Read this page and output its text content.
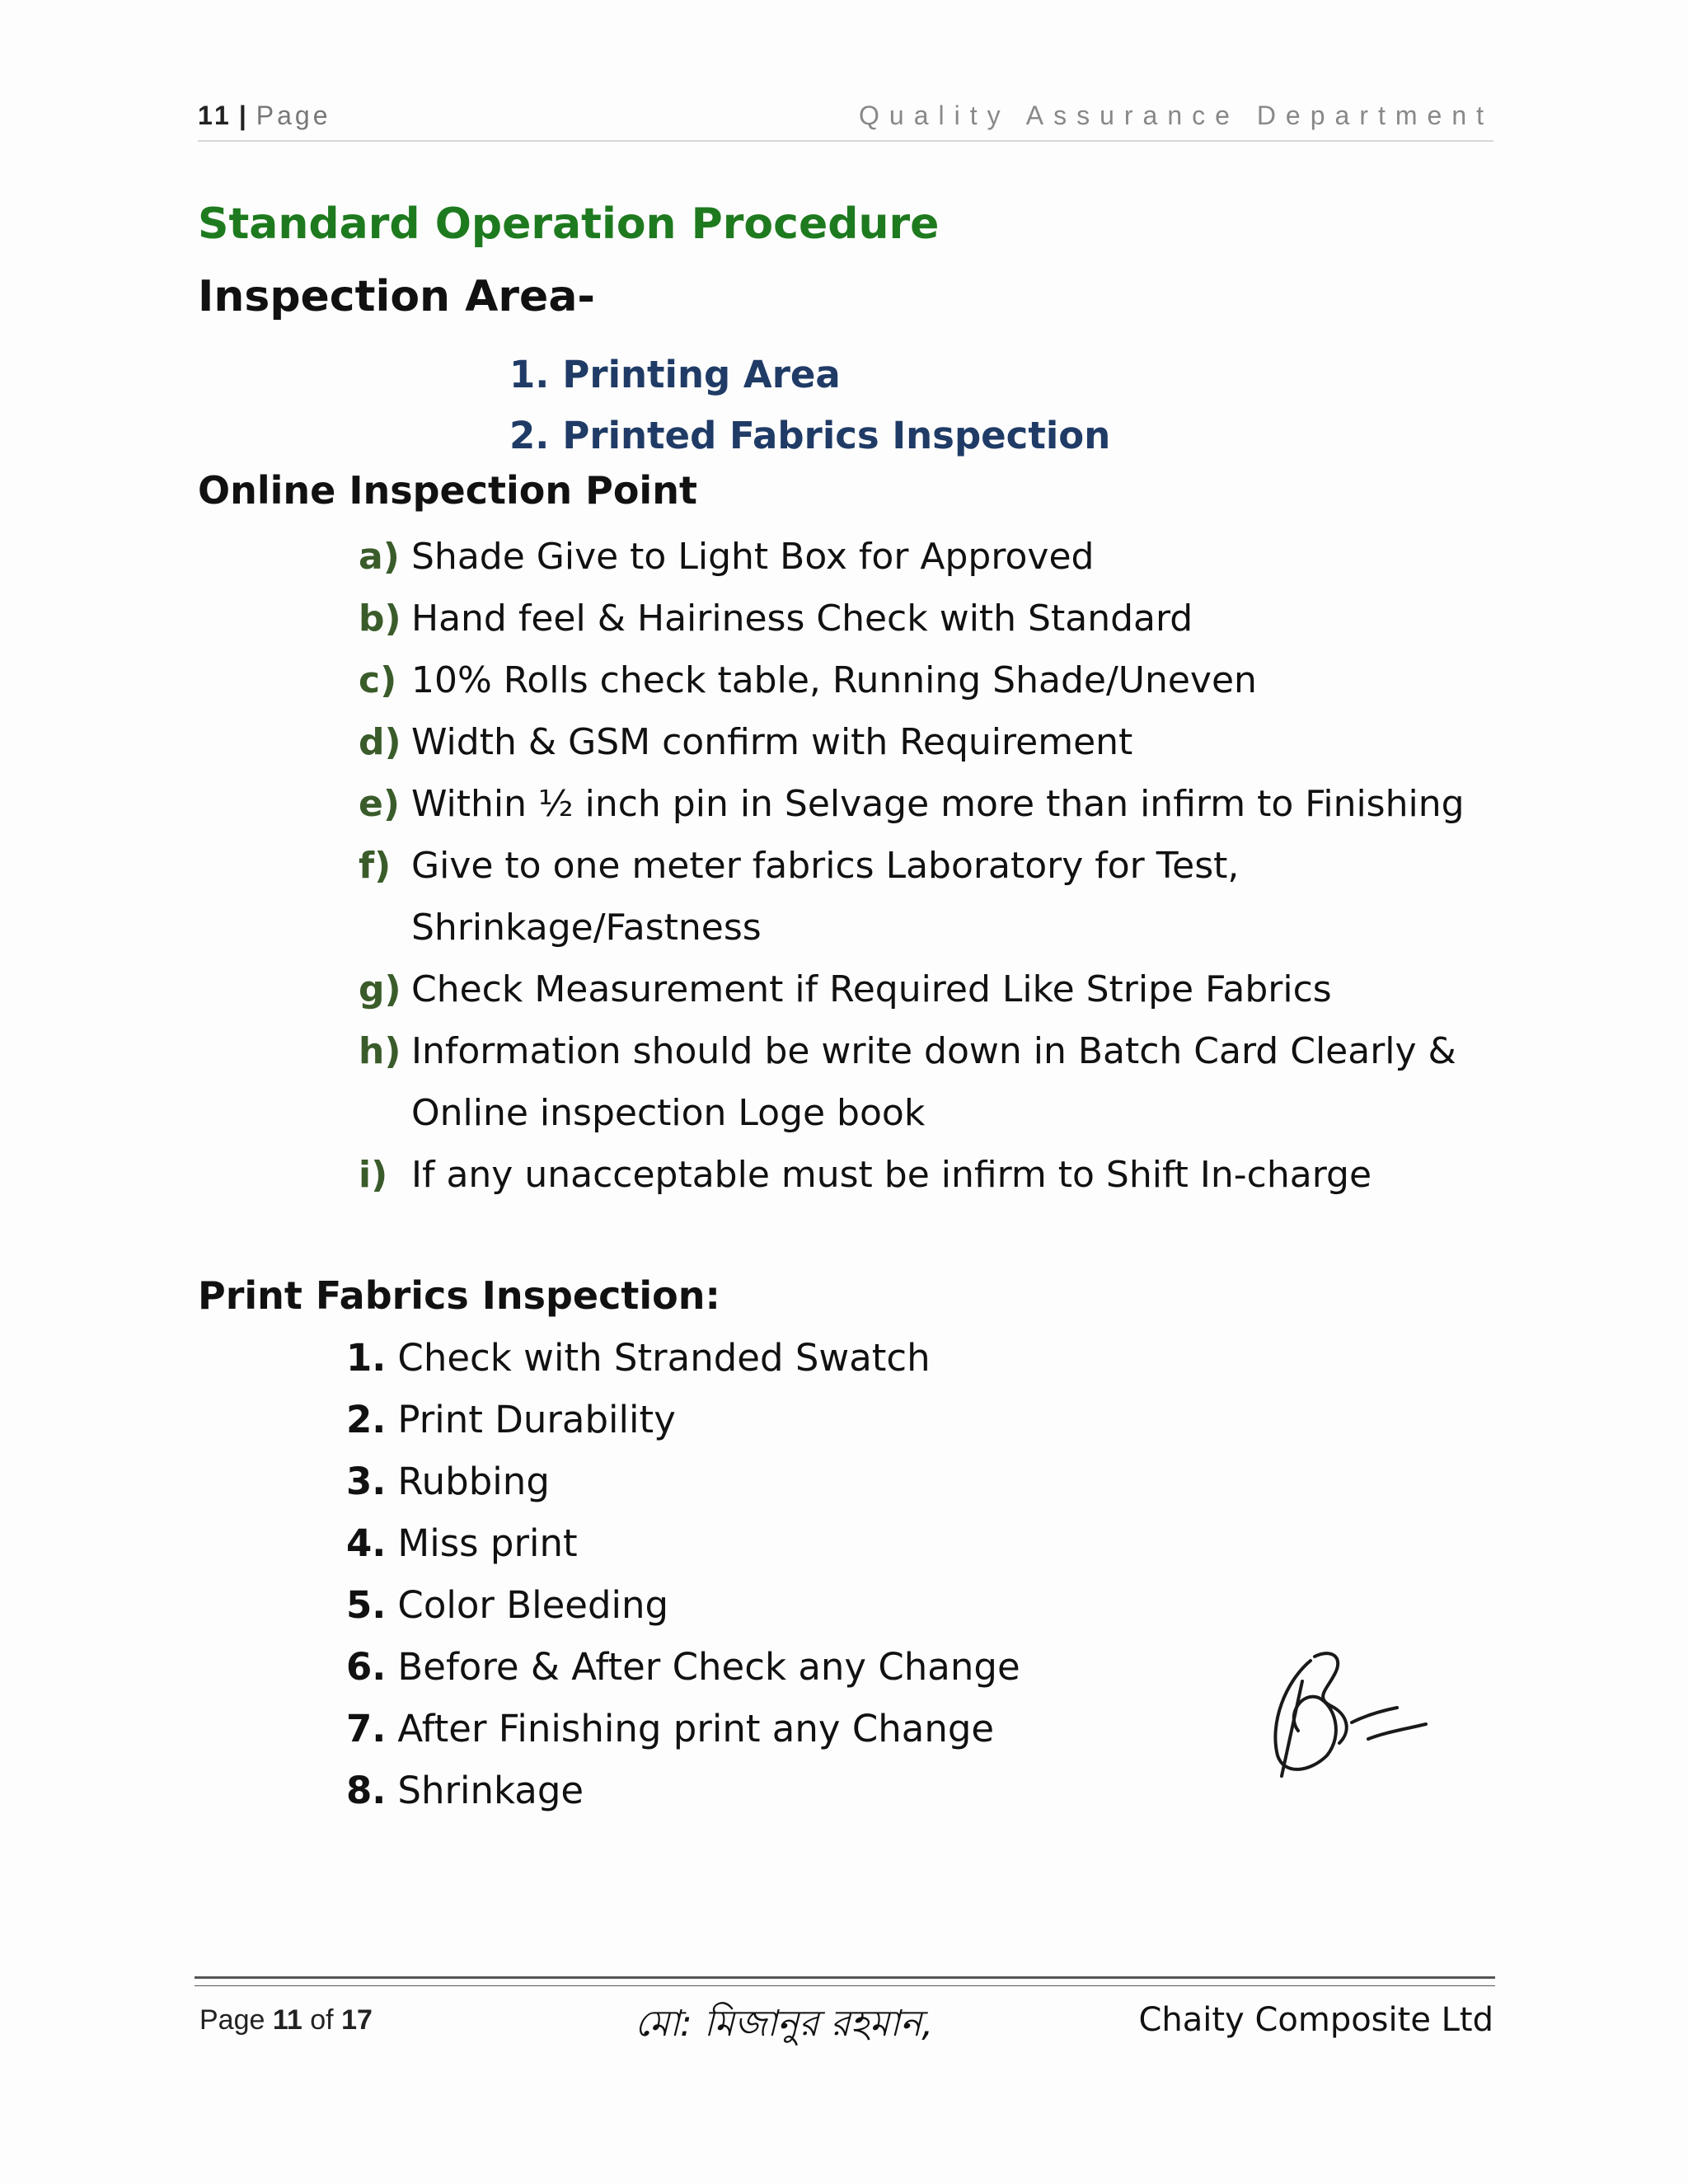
11 | Page	Quality Assurance Department
Standard Operation Procedure
Inspection Area-
1. Printing Area
2. Printed Fabrics Inspection
Online Inspection Point
a) Shade Give to Light Box for Approved
b) Hand feel & Hairiness Check with Standard
c) 10% Rolls check table, Running Shade/Uneven
d) Width & GSM confirm with Requirement
e) Within ½ inch pin in Selvage more than infirm to Finishing
f) Give to one meter fabrics Laboratory for Test, Shrinkage/Fastness
g) Check Measurement if Required Like Stripe Fabrics
h) Information should be write down in Batch Card Clearly & Online inspection Loge book
i) If any unacceptable must be infirm to Shift In-charge
Print Fabrics Inspection:
1. Check with Stranded Swatch
2. Print Durability
3. Rubbing
4. Miss print
5. Color Bleeding
6. Before & After Check any Change
7. After Finishing print any Change
8. Shrinkage
Page 11 of 17	মো: মিজানুর রহমান,	Chaity Composite Ltd
